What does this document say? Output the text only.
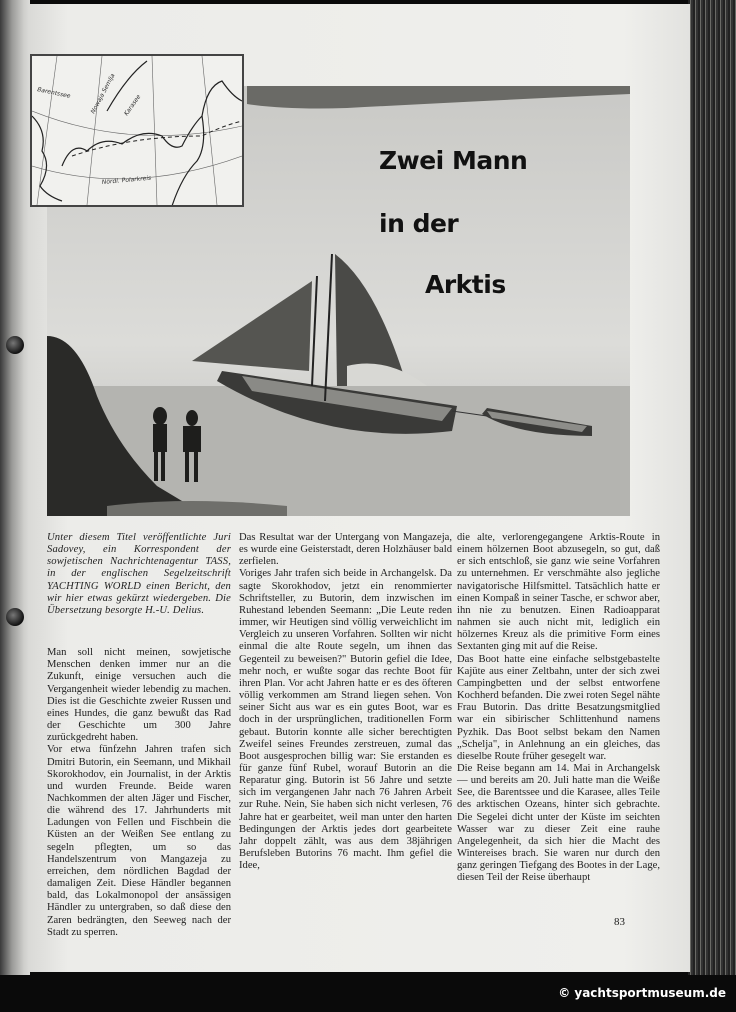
Barentssee	Nowaja Semlja Karasee
Nördl. Polarkreis
Zwei Mann
in der
Arktis

Unter diesem Titel veröffentlichte Juri Sadovey, ein Korrespondent der sowjetischen Nachrichtenagentur TASS, in der englischen Segelzeitschrift YACHTING WORLD einen Bericht, den wir hier etwas gekürzt wiedergeben. Die Übersetzung besorgte H.-U. Delius.

Man soll nicht meinen, sowjetische Menschen denken immer nur an die Zukunft, einige versuchen auch die Vergangenheit wieder lebendig zu machen. Dies ist die Geschichte zweier Russen und eines Hundes, die ganz bewußt das Rad der Geschichte um 300 Jahre zurückgedreht haben.

Vor etwa fünfzehn Jahren trafen sich Dmitri Butorin, ein Seemann, und Mikhail Skorokhodov, ein Journalist, in der Arktis und wurden Freunde. Beide waren Nachkommen der alten Jäger und Fischer, die während des 17. Jahrhunderts mit Ladungen von Fellen und Fischbein die Küsten an der Weißen See entlang zu segeln pflegten, um so das Handelszentrum von Mangazeja zu erreichen, dem nördlichen Bagdad der damaligen Zeit. Diese Händler begannen bald, das Lokalmonopol der ansässigen Händler zu untergraben, so daß diese den Zaren bedrängten, den Seeweg nach der Stadt zu sperren.

Das Resultat war der Untergang von Mangazeja, es wurde eine Geisterstadt, deren Holzhäuser bald zerfielen.

Voriges Jahr trafen sich beide in Archangelsk. Da sagte Skorokhodov, jetzt ein renommierter Schriftsteller, zu Butorin, dem inzwischen im Ruhestand lebenden Seemann: „Die Leute reden immer, wir Heutigen sind völlig verweichlicht im Vergleich zu unseren Vorfahren. Sollten wir nicht einmal die alte Route segeln, um ihnen das Gegenteil zu beweisen?" Butorin gefiel die Idee, mehr noch, er wußte sogar das rechte Boot für ihren Plan. Vor acht Jahren hatte er es des öfteren völlig verkommen am Strand liegen sehen. Von seiner Sicht aus war es ein gutes Boot, war es doch in der ursprünglichen, traditionellen Form gebaut. Butorin konnte alle sicher berechtigten Zweifel seines Freundes zerstreuen, zumal das Boot ausgesprochen billig war: Sie erstanden es für ganze fünf Rubel, worauf Butorin an die Reparatur ging. Butorin ist 56 Jahre und setzte sich im vergangenen Jahr nach 76 Jahren Arbeit zur Ruhe. Nein, Sie haben sich nicht verlesen, 76 Jahre hat er gearbeitet, weil man unter den harten Bedingungen der Arktis jedes dort gearbeitete Jahr doppelt zählt, was aus dem 38jährigen Berufsleben Butorins 76 macht. Ihm gefiel die Idee,

die alte, verlorengegangene Arktis-Route in einem hölzernen Boot abzusegeln, so gut, daß er sich entschloß, sie ganz wie seine Vorfahren zu unternehmen. Er verschmähte also jegliche navigatorische Hilfsmittel. Tatsächlich hatte er einen Kompaß in seiner Tasche, er schwor aber, ihn nie zu benutzen. Einen Radioapparat nahmen sie auch nicht mit, lediglich ein hölzernes Kreuz als die primitive Form eines Sextanten ging mit auf die Reise.

Das Boot hatte eine einfache selbstgebastelte Kajüte aus einer Zeltbahn, unter der sich zwei Campingbetten und der selbst entworfene Kochherd befanden. Die zwei roten Segel nähte Frau Butorin. Das dritte Besatzungsmitglied war ein sibirischer Schlittenhund namens Pyzhik. Das Boot selbst bekam den Namen „Schelja", in Anlehnung an ein gleiches, das dieselbe Route früher gesegelt war.

Die Reise begann am 14. Mai in Archangelsk — und bereits am 20. Juli hatte man die Weiße See, die Barentssee und die Karasee, alles Teile des arktischen Ozeans, hinter sich gebrachte. Die Segelei dicht unter der Küste im seichten Wasser war zu dieser Zeit eine rauhe Angelegenheit, da sich hier die Macht des Wintereises brach. Sie waren nur durch den ganz geringen Tiefgang des Bootes in der Lage, diesen Teil der Reise überhaupt

83
© yachtsportmuseum.de
